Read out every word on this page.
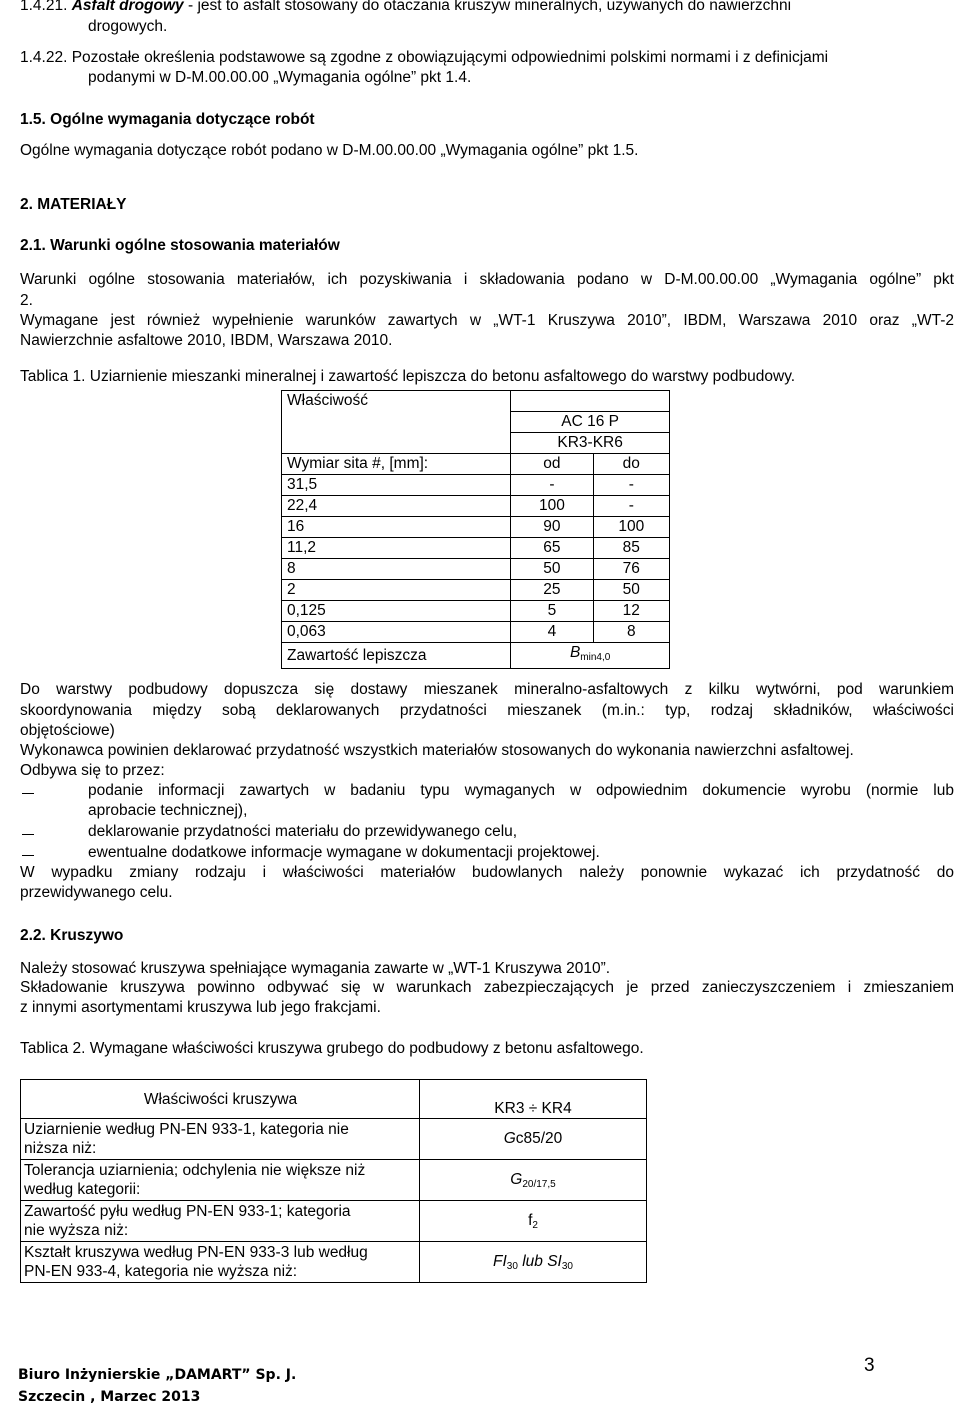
1.4.21. Asfalt drogowy - jest to asfalt stosowany do otaczania kruszyw mineralnych, używanych do nawierzchni
drogowych.
1.4.22. Pozostałe określenia podstawowe są zgodne z obowiązującymi odpowiednimi polskimi normami i z definicjami
podanymi w D-M.00.00.00 „Wymagania ogólne” pkt 1.4.
1.5. Ogólne wymagania dotyczące robót
Ogólne wymagania dotyczące robót podano w D-M.00.00.00 „Wymagania ogólne” pkt 1.5.
2. MATERIAŁY
2.1. Warunki ogólne stosowania materiałów
Warunki ogólne stosowania materiałów, ich pozyskiwania i składowania podano w D-M.00.00.00 „Wymagania ogólne” pkt
2.
Wymagane jest również wypełnienie warunków zawartych w „WT-1 Kruszywa 2010”, IBDM, Warszawa 2010 oraz „WT-2
Nawierzchnie asfaltowe 2010, IBDM, Warszawa 2010.
Tablica 1. Uziarnienie mieszanki mineralnej i zawartość lepiszcza do betonu asfaltowego do warstwy podbudowy.
Właściwość		
	AC 16 P	
	KR3-KR6	
Wymiar sita #, [mm]:	od	do
31,5	-	-
22,4	100	-
16	90	100
11,2	65	85
8	50	76
2	25	50
0,125	5	12
0,063	4	8
Zawartość lepiszcza	$B_{min4,0}$
Do warstwy podbudowy dopuszcza się dostawy mieszanek mineralno-asfaltowych z kilku wytwórni, pod warunkiem
skoordynowania między sobą deklarowanych przydatności mieszanek (m.in.: typ, rodzaj składników, właściwości
objętościowe)
Wykonawca powinien deklarować przydatność wszystkich materiałów stosowanych do wykonania nawierzchni asfaltowej.
Odbywa się to przez:
podanie informacji zawartych w badaniu typu wymaganych w odpowiednim dokumencie wyrobu (normie lub
aprobacie technicznej),
deklarowanie przydatności materiału do przewidywanego celu,
ewentualne dodatkowe informacje wymagane w dokumentacji projektowej.
W wypadku zmiany rodzaju i właściwości materiałów budowlanych należy ponownie wykazać ich przydatność do
przewidywanego celu.
2.2. Kruszywo
Należy stosować kruszywa spełniające wymagania zawarte w „WT-1 Kruszywa 2010”.
Składowanie kruszywa powinno odbywać się w warunkach zabezpieczających je przed zanieczyszczeniem i zmieszaniem
z innymi asortymentami kruszywa lub jego frakcjami.
Tablica 2. Wymagane właściwości kruszywa grubego do podbudowy z betonu asfaltowego.
Właściwości kruszywa	KR3 ÷ KR4
Uziarnienie według PN-EN 933-1, kategoria nie
niższa niż:	Gc85/20
Tolerancja uziarnienia; odchylenia nie większe niż
według kategorii:	$G_{20/17,5}$
Zawartość pyłu według PN-EN 933-1; kategoria
nie wyższa niż:	$f_2$
Kształt kruszywa według PN-EN 933-3 lub według
PN-EN 933-4, kategoria nie wyższa niż:	$FI_{30}$ lub $SI_{30}$
Biuro Inżynierskie „DAMART” Sp. J.
Szczecin , Marzec 2013
3
